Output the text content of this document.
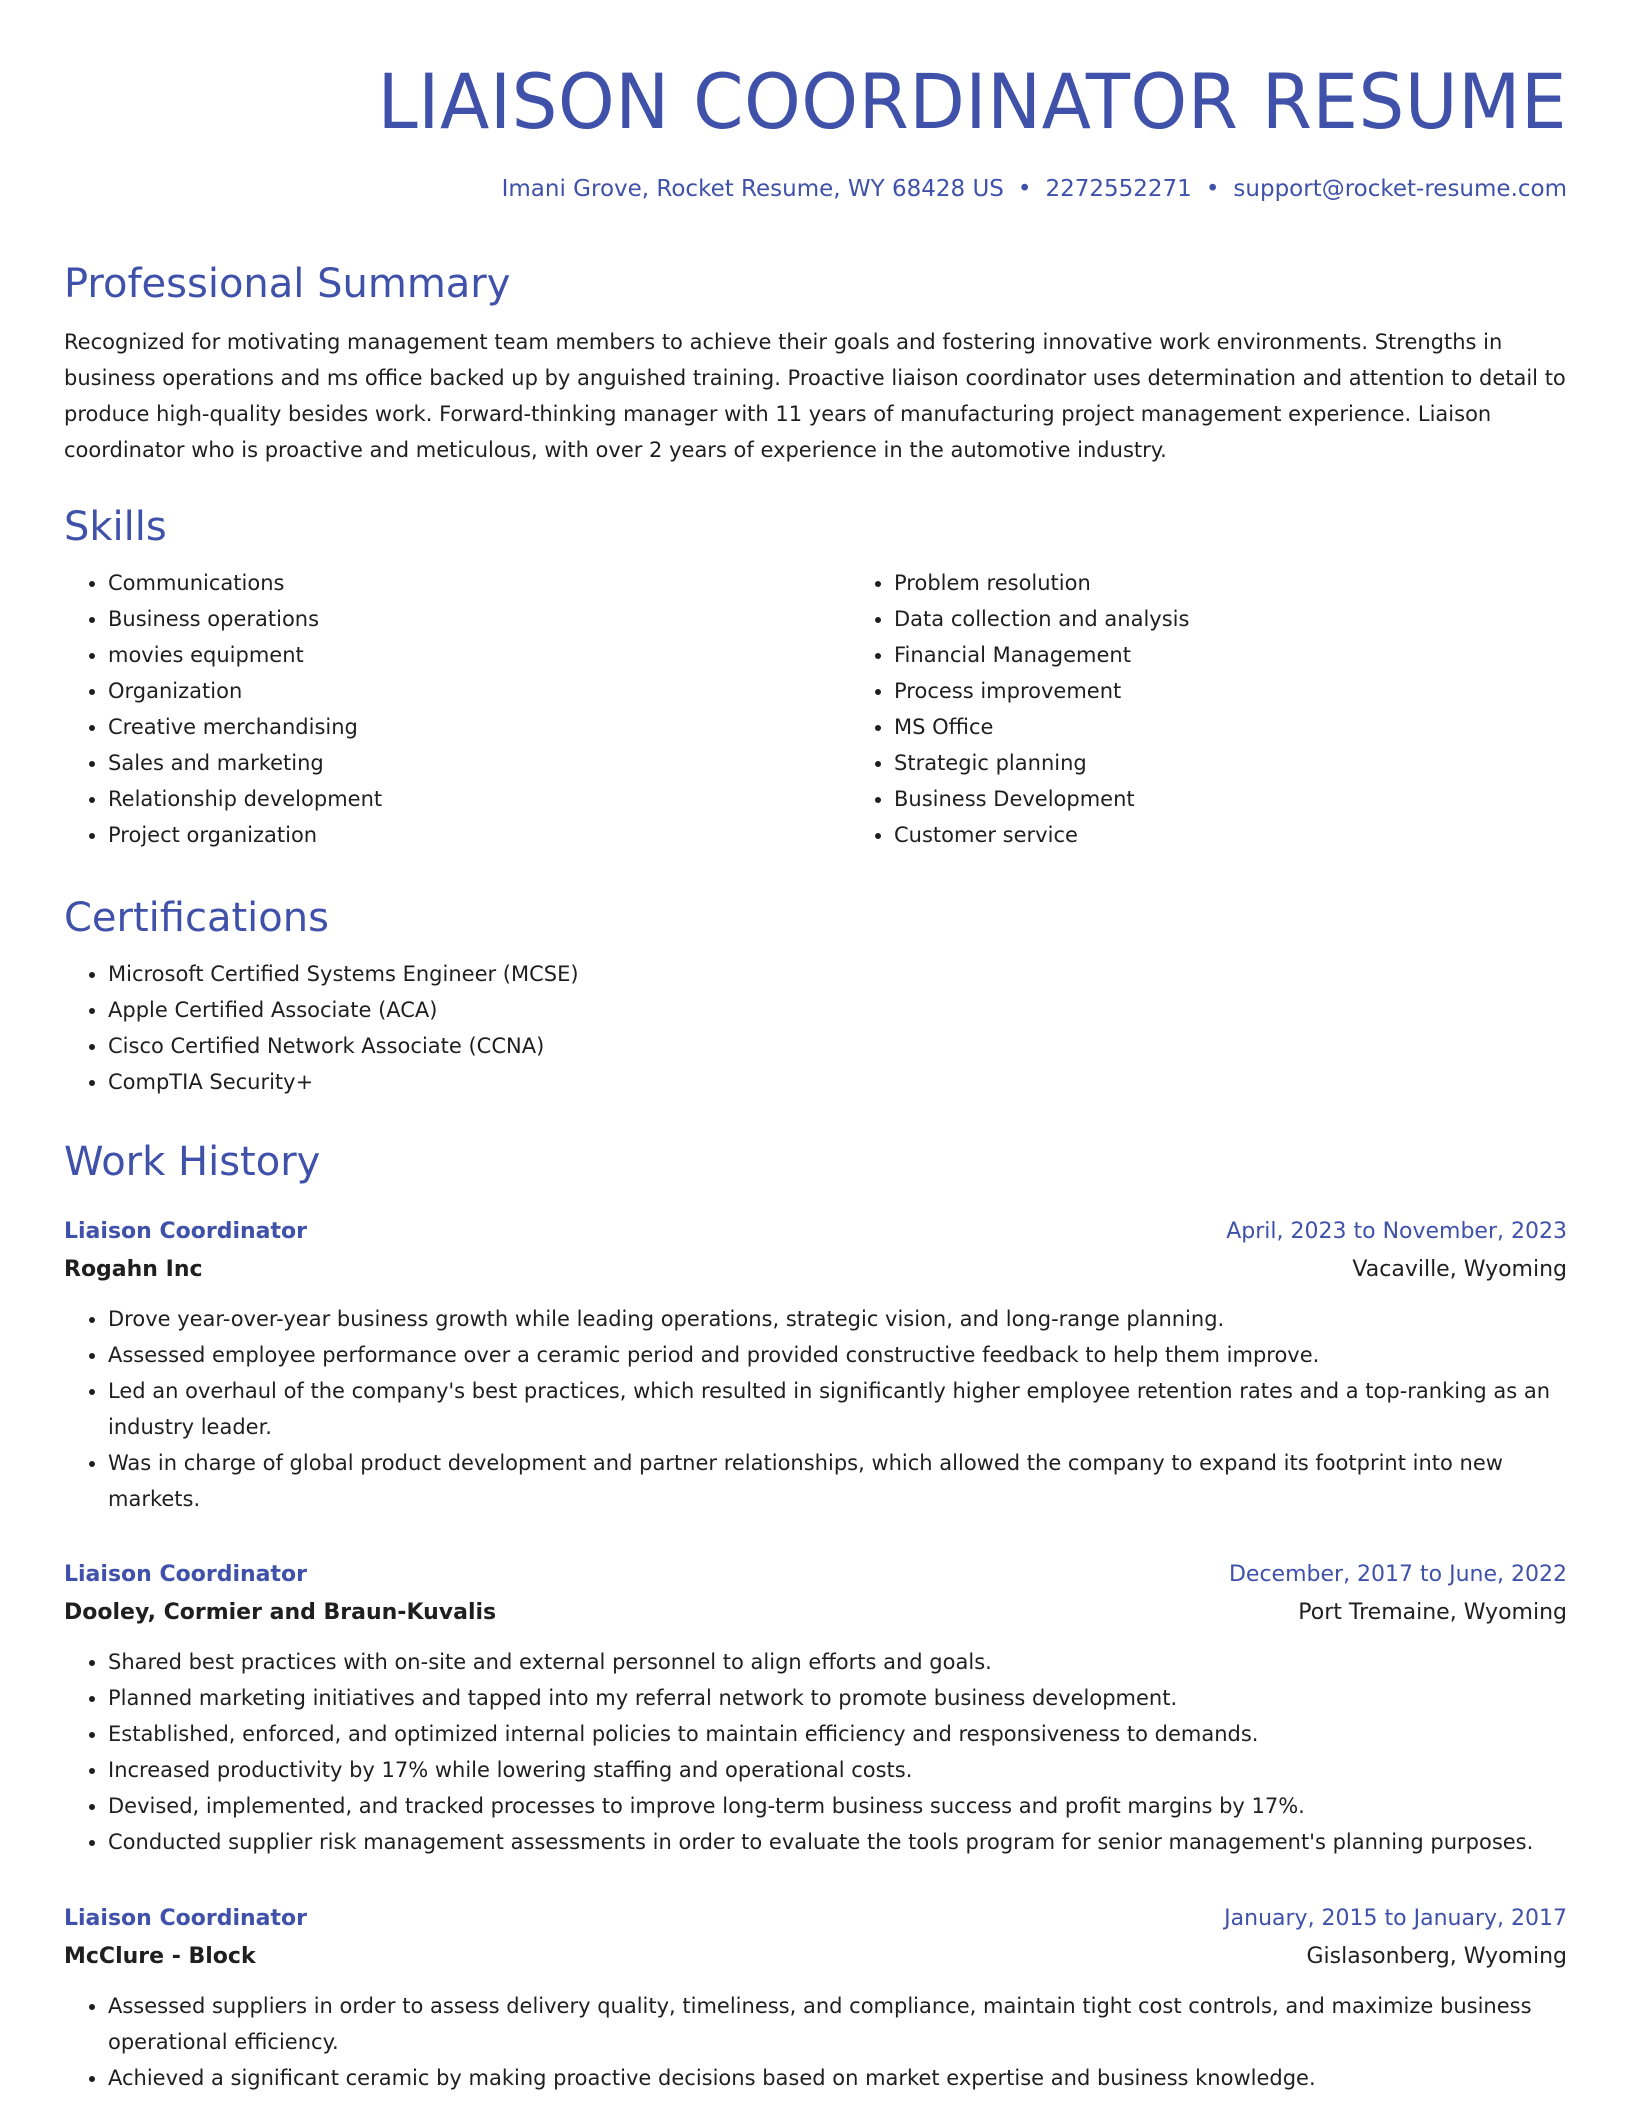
LIAISON COORDINATOR RESUME
Imani Grove, Rocket Resume, WY 68428 US • 2272552271 • support@rocket-resume.com
Professional Summary

Recognized for motivating management team members to achieve their goals and fostering innovative work environments. Strengths in business operations and ms office backed up by anguished training. Proactive liaison coordinator uses determination and attention to detail to produce high-quality besides work. Forward-thinking manager with 11 years of manufacturing project management experience. Liaison coordinator who is proactive and meticulous, with over 2 years of experience in the automotive industry.

Skills
• Communications
• Business operations
• movies equipment
• Organization
• Creative merchandising
• Sales and marketing
• Relationship development
• Project organization
• Problem resolution
• Data collection and analysis
• Financial Management
• Process improvement
• MS Office
• Strategic planning
• Business Development
• Customer service
Certifications
• Microsoft Certified Systems Engineer (MCSE)
• Apple Certified Associate (ACA)
• Cisco Certified Network Associate (CCNA)
• CompTIA Security+
Work History
Liaison Coordinator	April, 2023 to November, 2023
Rogahn Inc	Vacaville, Wyoming
• Drove year-over-year business growth while leading operations, strategic vision, and long-range planning.
• Assessed employee performance over a ceramic period and provided constructive feedback to help them improve.
• Led an overhaul of the company's best practices, which resulted in significantly higher employee retention rates and a top-ranking as an industry leader.
• Was in charge of global product development and partner relationships, which allowed the company to expand its footprint into new markets.
Liaison Coordinator	December, 2017 to June, 2022
Dooley, Cormier and Braun-Kuvalis	Port Tremaine, Wyoming
• Shared best practices with on-site and external personnel to align efforts and goals.
• Planned marketing initiatives and tapped into my referral network to promote business development.
• Established, enforced, and optimized internal policies to maintain efficiency and responsiveness to demands.
• Increased productivity by 17% while lowering staffing and operational costs.
• Devised, implemented, and tracked processes to improve long-term business success and profit margins by 17%.
• Conducted supplier risk management assessments in order to evaluate the tools program for senior management's planning purposes.
Liaison Coordinator	January, 2015 to January, 2017
McClure - Block	Gislasonberg, Wyoming
• Assessed suppliers in order to assess delivery quality, timeliness, and compliance, maintain tight cost controls, and maximize business operational efficiency.
• Achieved a significant ceramic by making proactive decisions based on market expertise and business knowledge.
